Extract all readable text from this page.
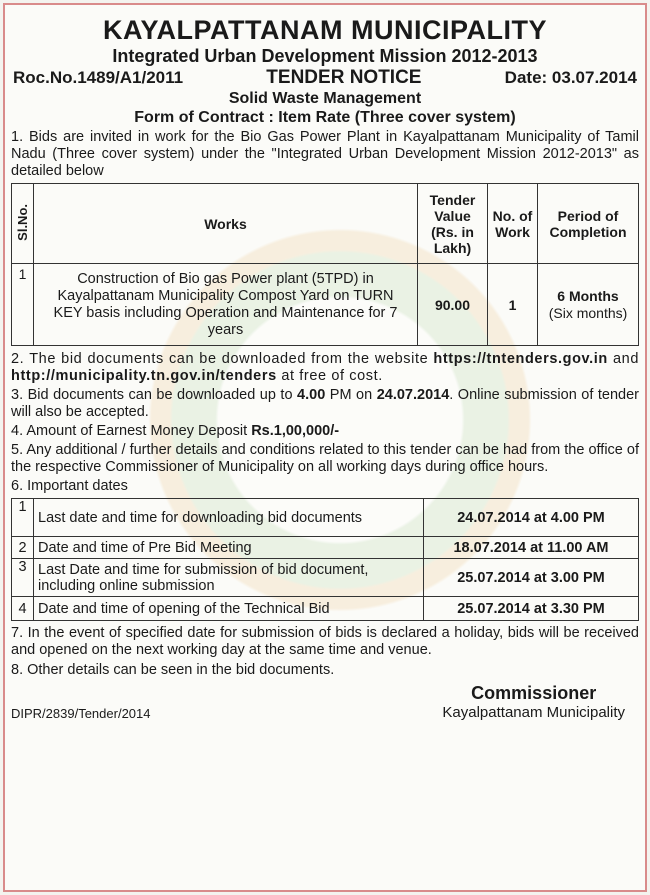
KAYALPATTANAM MUNICIPALITY
Integrated Urban Development Mission 2012-2013
Roc.No.1489/A1/2011	TENDER NOTICE	Date: 03.07.2014
Solid Waste Management
Form of Contract : Item Rate (Three cover system)

1. Bids are invited in work for the Bio Gas Power Plant in Kayalpattanam Municipality of Tamil Nadu (Three cover system) under the "Integrated Urban Development Mission 2012-2013" as detailed below

Sl.No.	Works	Tender Value (Rs. in Lakh)	No. of Work	Period of Completion
1	Construction of Bio gas Power plant (5TPD) in Kayalpattanam Municipality Compost Yard on TURN KEY basis including Operation and Maintenance for 7 years	90.00	1	6 Months
(Six months)

2. The bid documents can be downloaded from the website https://tntenders.gov.in and http://municipality.tn.gov.in/tenders at free of cost.

3. Bid documents can be downloaded up to 4.00 PM on 24.07.2014. Online submission of tender will also be accepted.

4. Amount of Earnest Money Deposit Rs.1,00,000/-

5. Any additional / further details and conditions related to this tender can be had from the office of the respective Commissioner of Municipality on all working days during office hours.

6. Important dates

1	Last date and time for downloading bid documents	24.07.2014 at 4.00 PM
2	Date and time of Pre Bid Meeting	18.07.2014 at 11.00 AM
3	Last Date and time for submission of bid document, including online submission	25.07.2014 at 3.00 PM
4	Date and time of opening of the Technical Bid	25.07.2014 at 3.30 PM

7. In the event of specified date for submission of bids is declared a holiday, bids will be received and opened on the next working day at the same time and venue.

8. Other details can be seen in the bid documents.

DIPR/2839/Tender/2014
Commissioner
Kayalpattanam Municipality
